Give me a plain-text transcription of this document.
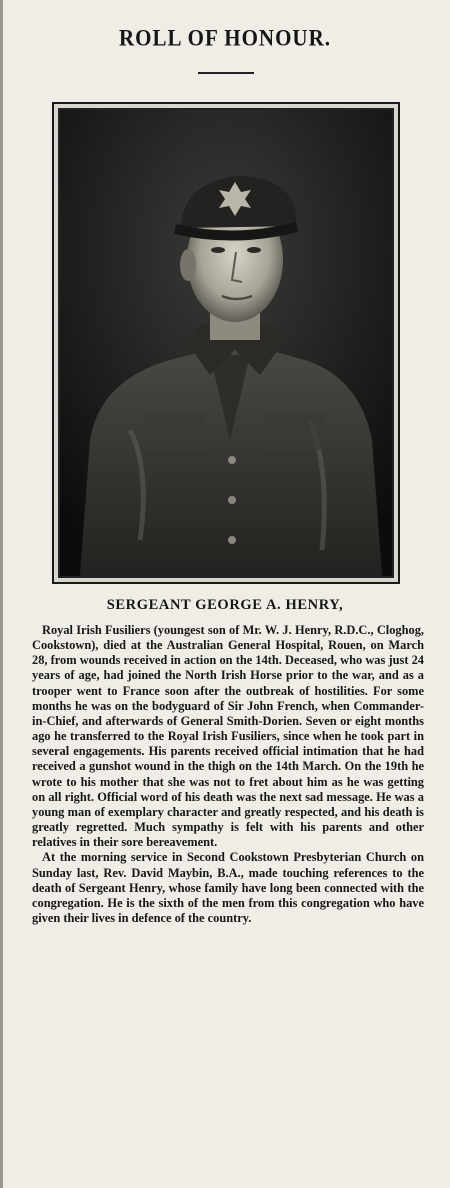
ROLL OF HONOUR.
SERGEANT GEORGE A. HENRY,

Royal Irish Fusiliers (youngest son of Mr. W. J. Henry, R.D.C., Cloghog, Cookstown), died at the Australian General Hospital, Rouen, on March 28, from wounds received in action on the 14th. Deceased, who was just 24 years of age, had joined the North Irish Horse prior to the war, and as a trooper went to France soon after the outbreak of hostilities. For some months he was on the bodyguard of Sir John French, when Commander-in-Chief, and afterwards of General Smith-Dorien. Seven or eight months ago he transferred to the Royal Irish Fusiliers, since when he took part in several engagements. His parents received official intimation that he had received a gunshot wound in the thigh on the 14th March. On the 19th he wrote to his mother that she was not to fret about him as he was getting on all right. Official word of his death was the next sad message. He was a young man of exemplary character and greatly respected, and his death is greatly regretted. Much sympathy is felt with his parents and other relatives in their sore bereavement.

At the morning service in Second Cookstown Presbyterian Church on Sunday last, Rev. David Maybin, B.A., made touching references to the death of Sergeant Henry, whose family have long been connected with the congregation. He is the sixth of the men from this congregation who have given their lives in defence of the country.
